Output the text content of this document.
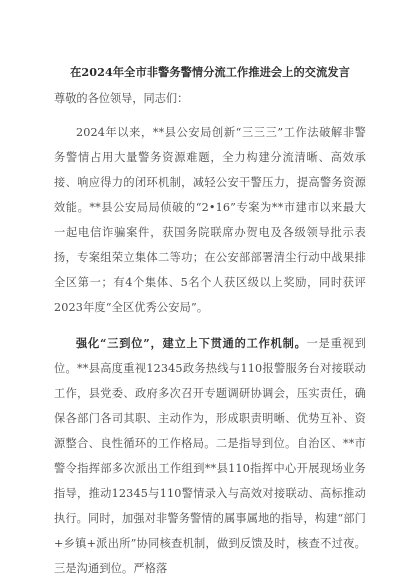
在2024年全市非警务警情分流工作推进会上的交流发言
尊敬的各位领导，同志们：

2024年以来，**县公安局创新“三三三”工作法破解非警务警情占用大量警务资源难题，全力构建分流清晰、高效承接、响应得力的闭环机制，减轻公安干警压力，提高警务资源效能。**县公安局局侦破的“2•16”专案为**市建市以来最大一起电信诈骗案件，获国务院联席办贺电及各级领导批示表扬，专案组荣立集体二等功；在公安部部署清尘行动中战果排全区第一；有4个集体、5名个人获区级以上奖励，同时获评2023年度“全区优秀公安局”。

强化“三到位”，建立上下贯通的工作机制。一是重视到位。**县高度重视12345政务热线与110报警服务台对接联动工作，县党委、政府多次召开专题调研协调会，压实责任，确保各部门各司其职、主动作为，形成职责明晰、优势互补、资源整合、良性循环的工作格局。二是指导到位。自治区、**市警令指挥部多次派出工作组到**县110指挥中心开展现场业务指导，推动12345与110警情录入与高效对接联动、高标推动执行。同时，加强对非警务警情的属事属地的指导，构建“部门+乡镇+派出所”协同核查机制，做到反馈及时，核查不过夜。三是沟通到位。严格落
